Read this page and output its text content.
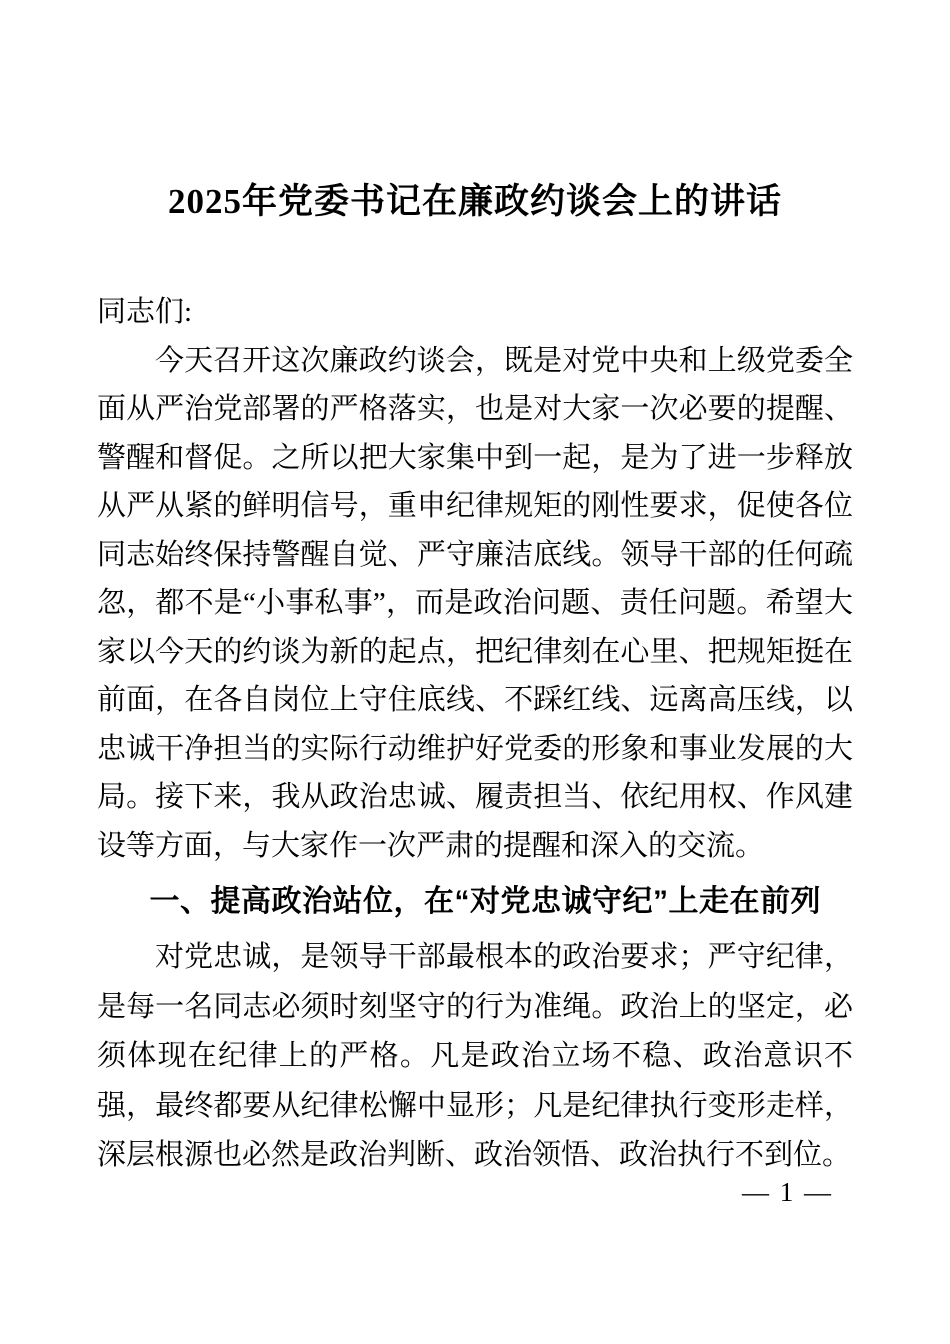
2025年党委书记在廉政约谈会上的讲话

同志们:

今天召开这次廉政约谈会，既是对党中央和上级党委全面从严治党部署的严格落实，也是对大家一次必要的提醒、警醒和督促。之所以把大家集中到一起，是为了进一步释放从严从紧的鲜明信号，重申纪律规矩的刚性要求，促使各位同志始终保持警醒自觉、严守廉洁底线。领导干部的任何疏忽，都不是“小事私事”，而是政治问题、责任问题。希望大家以今天的约谈为新的起点，把纪律刻在心里、把规矩挺在前面，在各自岗位上守住底线、不踩红线、远离高压线，以忠诚干净担当的实际行动维护好党委的形象和事业发展的大局。接下来，我从政治忠诚、履责担当、依纪用权、作风建设等方面，与大家作一次严肃的提醒和深入的交流。

一、提高政治站位，在“对党忠诚守纪”上走在前列

对党忠诚，是领导干部最根本的政治要求；严守纪律，是每一名同志必须时刻坚守的行为准绳。政治上的坚定，必须体现在纪律上的严格。凡是政治立场不稳、政治意识不强，最终都要从纪律松懈中显形；凡是纪律执行变形走样，深层根源也必然是政治判断、政治领悟、政治执行不到位。

— 1 —
